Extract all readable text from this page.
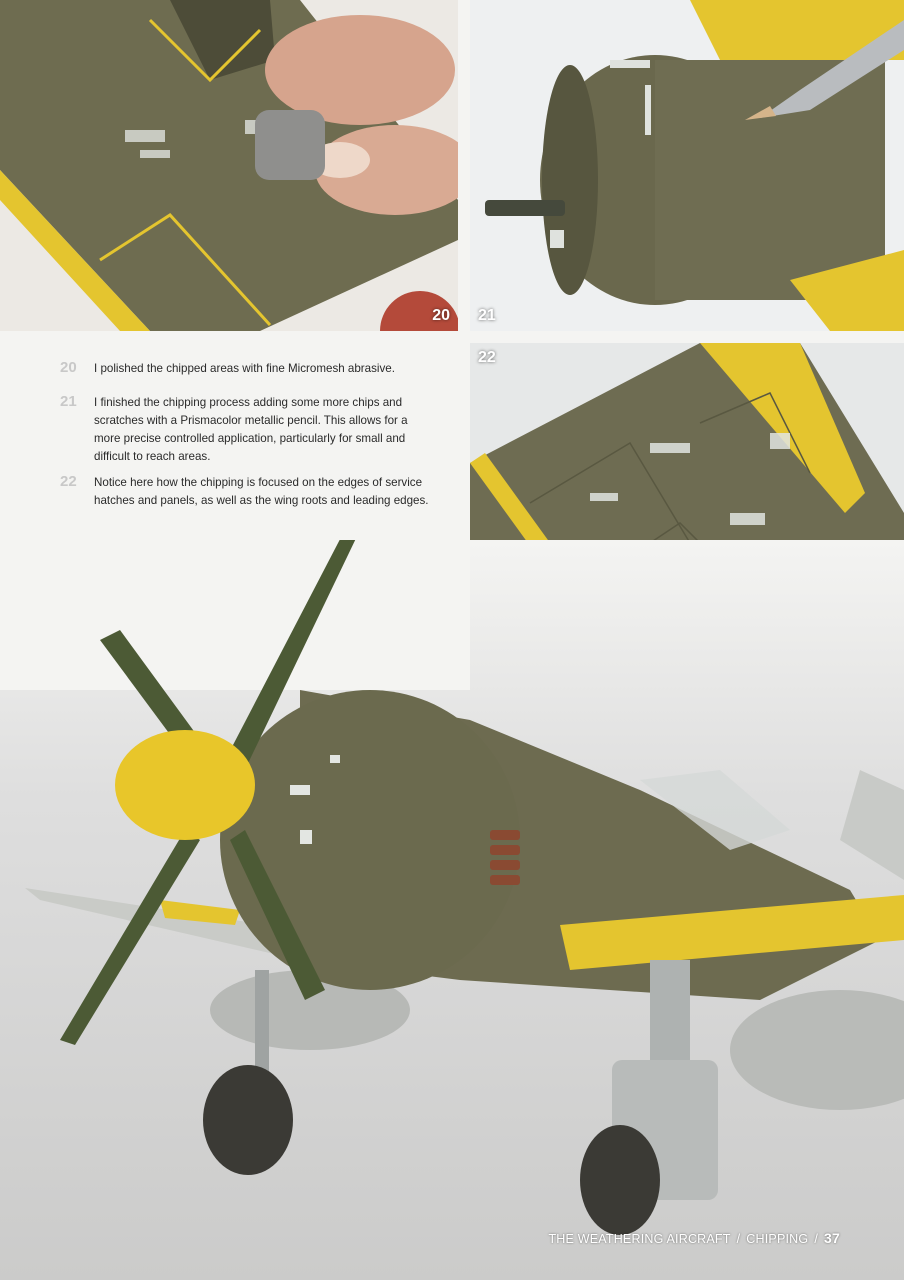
20 21
22
20 I polished the chipped areas with fine Micromesh abrasive.
21 I finished the chipping process adding some more chips and scratches with a Prismacolor metallic pencil. This allows for a more precise controlled application, particularly for small and difficult to reach areas.
22 Notice here how the chipping is focused on the edges of service hatches and panels, as well as the wing roots and leading edges.
THE WEATHERING AIRCRAFT / CHIPPING / 37
